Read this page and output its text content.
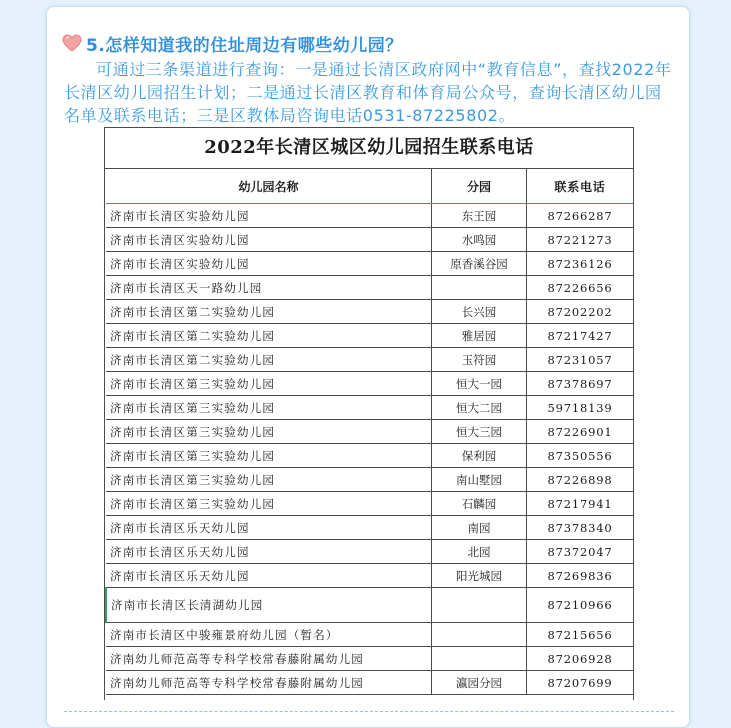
5.怎样知道我的住址周边有哪些幼儿园？
可通过三条渠道进行查询：一是通过长清区政府网中“教育信息”，查找2022年长清区幼儿园招生计划；二是通过长清区教育和体育局公众号，查询长清区幼儿园名单及联系电话；三是区教体局咨询电话0531-87225802。
2022年长清区城区幼儿园招生联系电话
幼儿园名称	分园	联系电话
济南市长清区实验幼儿园	东王园	87266287
济南市长清区实验幼儿园	水鸣园	87221273
济南市长清区实验幼儿园	原香溪谷园	87236126
济南市长清区天一路幼儿园		87226656
济南市长清区第二实验幼儿园	长兴园	87202202
济南市长清区第二实验幼儿园	雅居园	87217427
济南市长清区第二实验幼儿园	玉符园	87231057
济南市长清区第三实验幼儿园	恒大一园	87378697
济南市长清区第三实验幼儿园	恒大二园	59718139
济南市长清区第三实验幼儿园	恒大三园	87226901
济南市长清区第三实验幼儿园	保利园	87350556
济南市长清区第三实验幼儿园	南山墅园	87226898
济南市长清区第三实验幼儿园	石麟园	87217941
济南市长清区乐天幼儿园	南园	87378340
济南市长清区乐天幼儿园	北园	87372047
济南市长清区乐天幼儿园	阳光城园	87269836
济南市长清区长清湖幼儿园		87210966
济南市长清区中骏雍景府幼儿园（暂名）		87215656
济南幼儿师范高等专科学校常春藤附属幼儿园		87206928
济南幼儿师范高等专科学校常春藤附属幼儿园	瀛园分园	87207699
